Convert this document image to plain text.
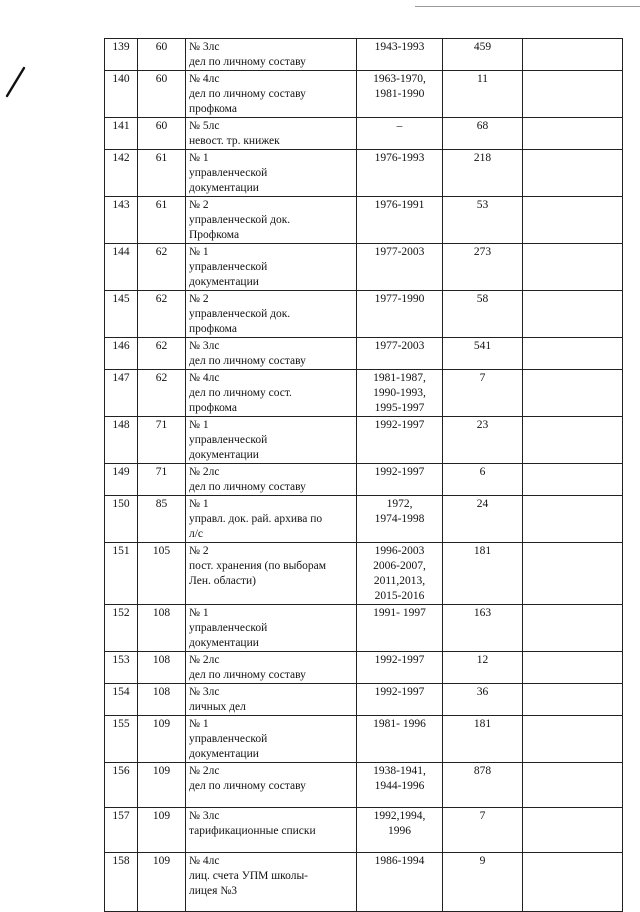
139	60	№ 3лс
дел по личному составу	1943-1993	459	
140	60	№ 4лс
дел по личному составу
профкома	1963-1970,
1981-1990	11	
141	60	№ 5лс
невост. тр. книжек	–	68	
142	61	№ 1
управленческой
документации	1976-1993	218	
143	61	№ 2
управленческой док.
Профкома	1976-1991	53	
144	62	№ 1
управленческой
документации	1977-2003	273	
145	62	№ 2
управленческой док.
профкома	1977-1990	58	
146	62	№ 3лс
дел по личному составу	1977-2003	541	
147	62	№ 4лс
дел по личному сост.
профкома	1981-1987,
1990-1993,
1995-1997	7	
148	71	№ 1
управленческой
документации	1992-1997	23	
149	71	№ 2лс
дел по личному составу	1992-1997	6	
150	85	№ 1
управл. док. рай. архива по
л/с	1972,
1974-1998	24	
151	105	№ 2
пост. хранения (по выборам
Лен. области)	1996-2003
2006-2007,
2011,2013,
2015-2016	181	
152	108	№ 1
управленческой
документации	1991- 1997	163	
153	108	№ 2лс
дел по личному составу	1992-1997	12	
154	108	№ 3лс
личных дел	1992-1997	36	
155	109	№ 1
управленческой
документации	1981- 1996	181	
156	109	№ 2лс
дел по личному составу	1938-1941,
1944-1996	878	
157	109	№ 3лс
тарификационные списки	1992,1994,
1996	7	
158	109	№ 4лс
лиц. счета УПМ школы-
лицея №3	1986-1994	9	
